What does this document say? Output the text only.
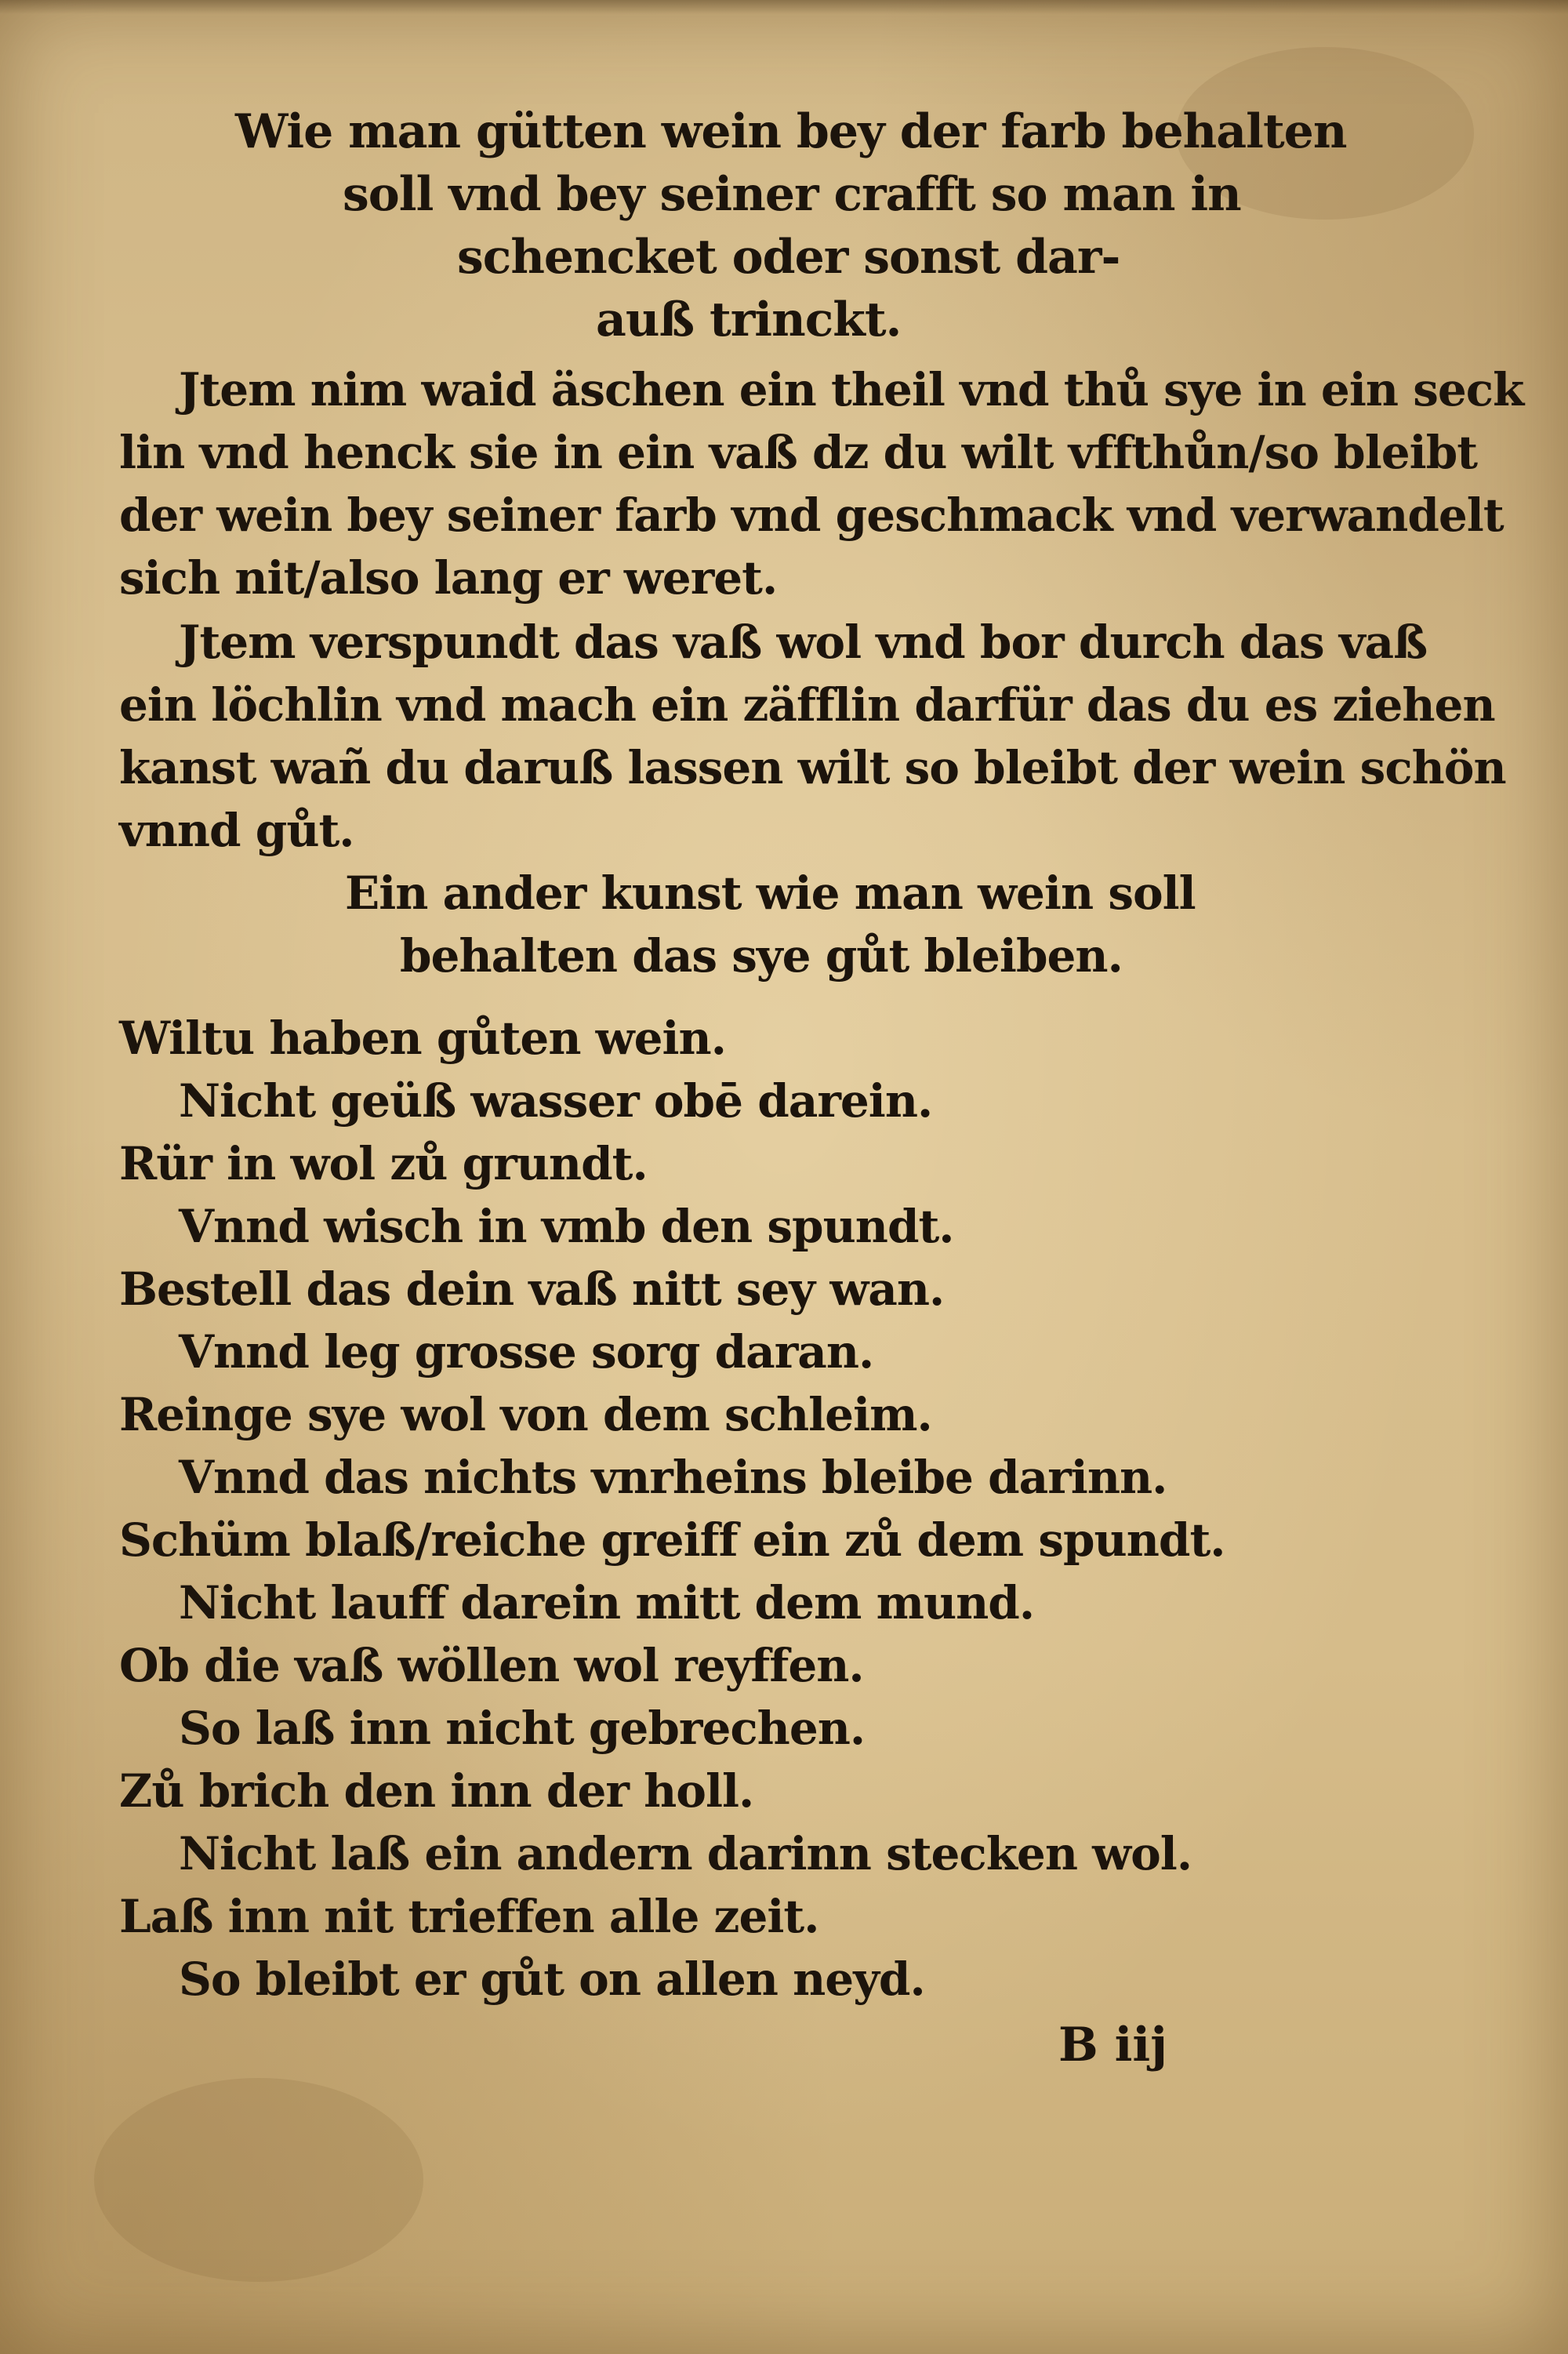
Wie man gütten wein bey der farb behalten
soll vnd bey seiner crafft so man in
schencket oder sonst dar-
auß trinckt.
Jtem nim waid äschen ein theil vnd thů sye in ein seck
lin vnd henck sie in ein vaß dz du wilt vffthůn/so bleibt
der wein bey seiner farb vnd geschmack vnd verwandelt
sich nit/also lang er weret.
Jtem verspundt das vaß wol vnd bor durch das vaß
ein löchlin vnd mach ein zäfflin darfür das du es ziehen
kanst wañ du daruß lassen wilt so bleibt der wein schön
vnnd gůt.
Ein ander kunst wie man wein soll
behalten das sye gůt bleiben.
Wiltu haben gůten wein.
Nicht geüß wasser obē darein.
Rür in wol zů grundt.
Vnnd wisch in vmb den spundt.
Bestell das dein vaß nitt sey wan.
Vnnd leg grosse sorg daran.
Reinge sye wol von dem schleim.
Vnnd das nichts vnrheins bleibe darinn.
Schüm blaß/reiche greiff ein zů dem spundt.
Nicht lauff darein mitt dem mund.
Ob die vaß wöllen wol reyffen.
So laß inn nicht gebrechen.
Zů brich den inn der holl.
Nicht laß ein andern darinn stecken wol.
Laß inn nit trieffen alle zeit.
So bleibt er gůt on allen neyd.
B iij
